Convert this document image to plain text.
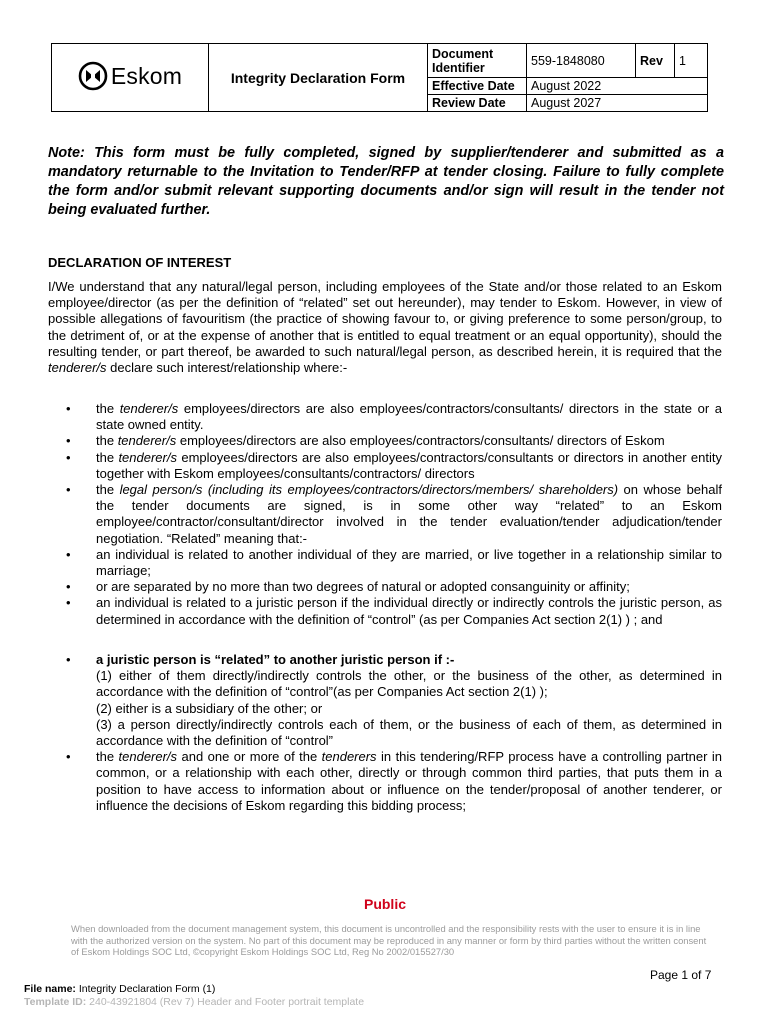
Eskom	Integrity Declaration Form	Document Identifier	559-1848080	Rev	1
		Effective Date	August 2022		
		Review Date	August 2027		

Note: This form must be fully completed, signed by supplier/tenderer and submitted as a mandatory returnable to the Invitation to Tender/RFP at tender closing. Failure to fully complete the form and/or submit relevant supporting documents and/or sign will result in the tender not being evaluated further.

DECLARATION OF INTEREST

I/We understand that any natural/legal person, including employees of the State and/or those related to an Eskom employee/director (as per the definition of “related” set out hereunder), may tender to Eskom. However, in view of possible allegations of favouritism (the practice of showing favour to, or giving preference to some person/group, to the detriment of, or at the expense of another that is entitled to equal treatment or an equal opportunity), should the resulting tender, or part thereof, be awarded to such natural/legal person, as described herein, it is required that the tenderer/s declare such interest/relationship where:-

• the tenderer/s employees/directors are also employees/contractors/consultants/ directors in the state or a state owned entity.
• the tenderer/s employees/directors are also employees/contractors/consultants/ directors of Eskom
• the tenderer/s employees/directors are also employees/contractors/consultants or directors in another entity together with Eskom employees/consultants/contractors/ directors
• the legal person/s (including its employees/contractors/directors/members/ shareholders) on whose behalf the tender documents are signed, is in some other way “related” to an Eskom employee/contractor/consultant/director involved in the tender evaluation/tender adjudication/tender negotiation. “Related” meaning that:-
• an individual is related to another individual of they are married, or live together in a relationship similar to marriage;
• or are separated by no more than two degrees of natural or adopted consanguinity or affinity;
• an individual is related to a juristic person if the individual directly or indirectly controls the juristic person, as determined in accordance with the definition of “control” (as per Companies Act section 2(1) ) ; and
• a juristic person is “related” to another juristic person if :-
(1) either of them directly/indirectly controls the other, or the business of the other, as determined in accordance with the definition of “control”(as per Companies Act section 2(1) );
(2) either is a subsidiary of the other; or
(3) a person directly/indirectly controls each of them, or the business of each of them, as determined in accordance with the definition of “control”
• the tenderer/s and one or more of the tenderers in this tendering/RFP process have a controlling partner in common, or a relationship with each other, directly or through common third parties, that puts them in a position to have access to information about or influence on the tender/proposal of another tenderer, or influence the decisions of Eskom regarding this bidding process;

Public

When downloaded from the document management system, this document is uncontrolled and the responsibility rests with the user to ensure it is in line with the authorized version on the system. No part of this document may be reproduced in any manner or form by third parties without the written consent of Eskom Holdings SOC Ltd, ©copyright Eskom Holdings SOC Ltd, Reg No 2002/015527/30

Page 1 of 7

File name: Integrity Declaration Form (1)

Template ID: 240-43921804 (Rev 7) Header and Footer portrait template
